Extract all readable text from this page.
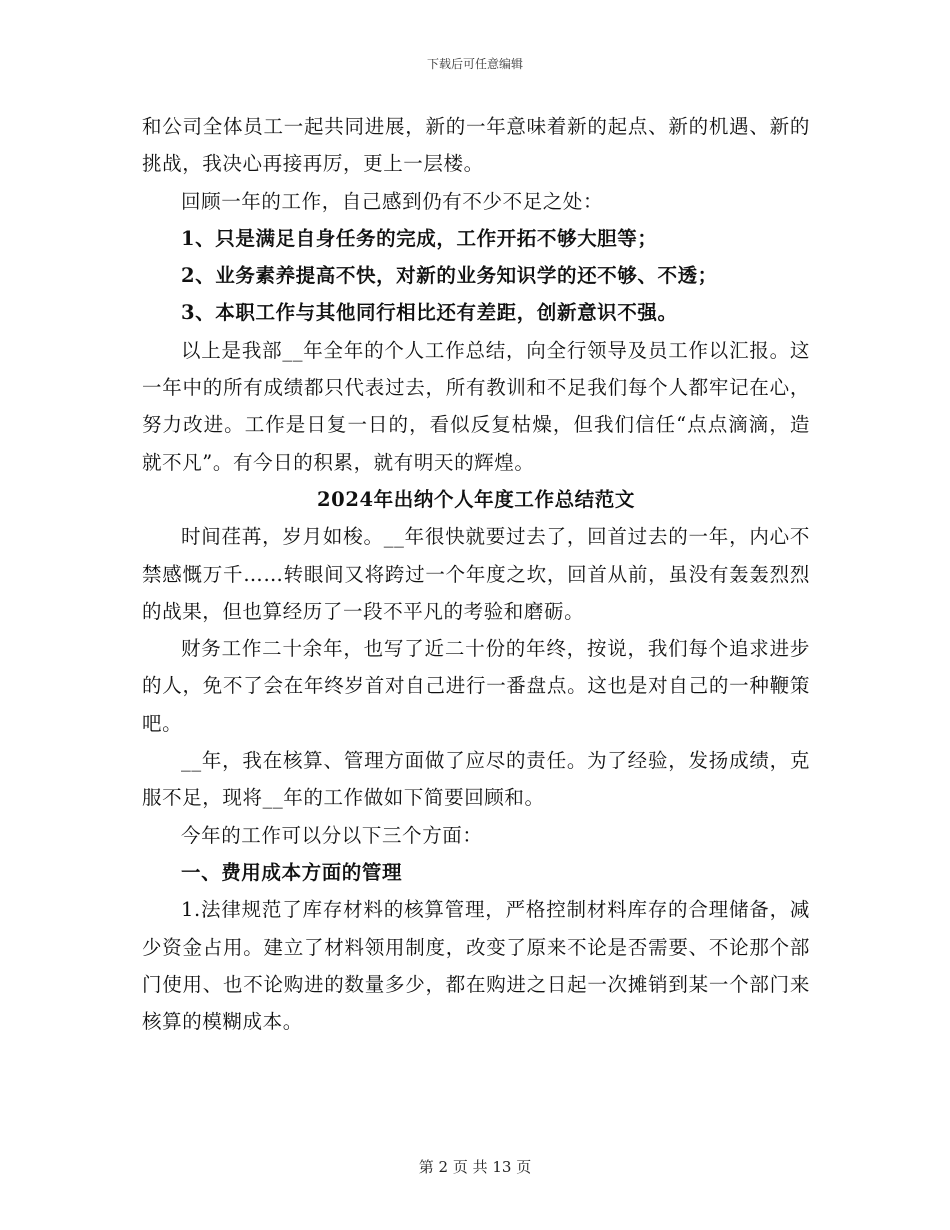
下载后可任意编辑

和公司全体员工一起共同进展，新的一年意味着新的起点、新的机遇、新的挑战，我决心再接再厉，更上一层楼。

回顾一年的工作，自己感到仍有不少不足之处：

1、只是满足自身任务的完成，工作开拓不够大胆等；

2、业务素养提高不快，对新的业务知识学的还不够、不透；

3、本职工作与其他同行相比还有差距，创新意识不强。

以上是我部__年全年的个人工作总结，向全行领导及员工作以汇报。这一年中的所有成绩都只代表过去，所有教训和不足我们每个人都牢记在心，努力改进。工作是日复一日的，看似反复枯燥，但我们信任“点点滴滴，造就不凡”。有今日的积累，就有明天的辉煌。

2024年出纳个人年度工作总结范文

时间荏苒，岁月如梭。__年很快就要过去了，回首过去的一年，内心不禁感慨万千……转眼间又将跨过一个年度之坎，回首从前，虽没有轰轰烈烈的战果，但也算经历了一段不平凡的考验和磨砺。

财务工作二十余年，也写了近二十份的年终，按说，我们每个追求进步的人，免不了会在年终岁首对自己进行一番盘点。这也是对自己的一种鞭策吧。

__年，我在核算、管理方面做了应尽的责任。为了经验，发扬成绩，克服不足，现将__年的工作做如下简要回顾和。

今年的工作可以分以下三个方面：

一、费用成本方面的管理

1.法律规范了库存材料的核算管理，严格控制材料库存的合理储备，减少资金占用。建立了材料领用制度，改变了原来不论是否需要、不论那个部门使用、也不论购进的数量多少，都在购进之日起一次摊销到某一个部门来核算的模糊成本。

第 2 页 共 13 页
